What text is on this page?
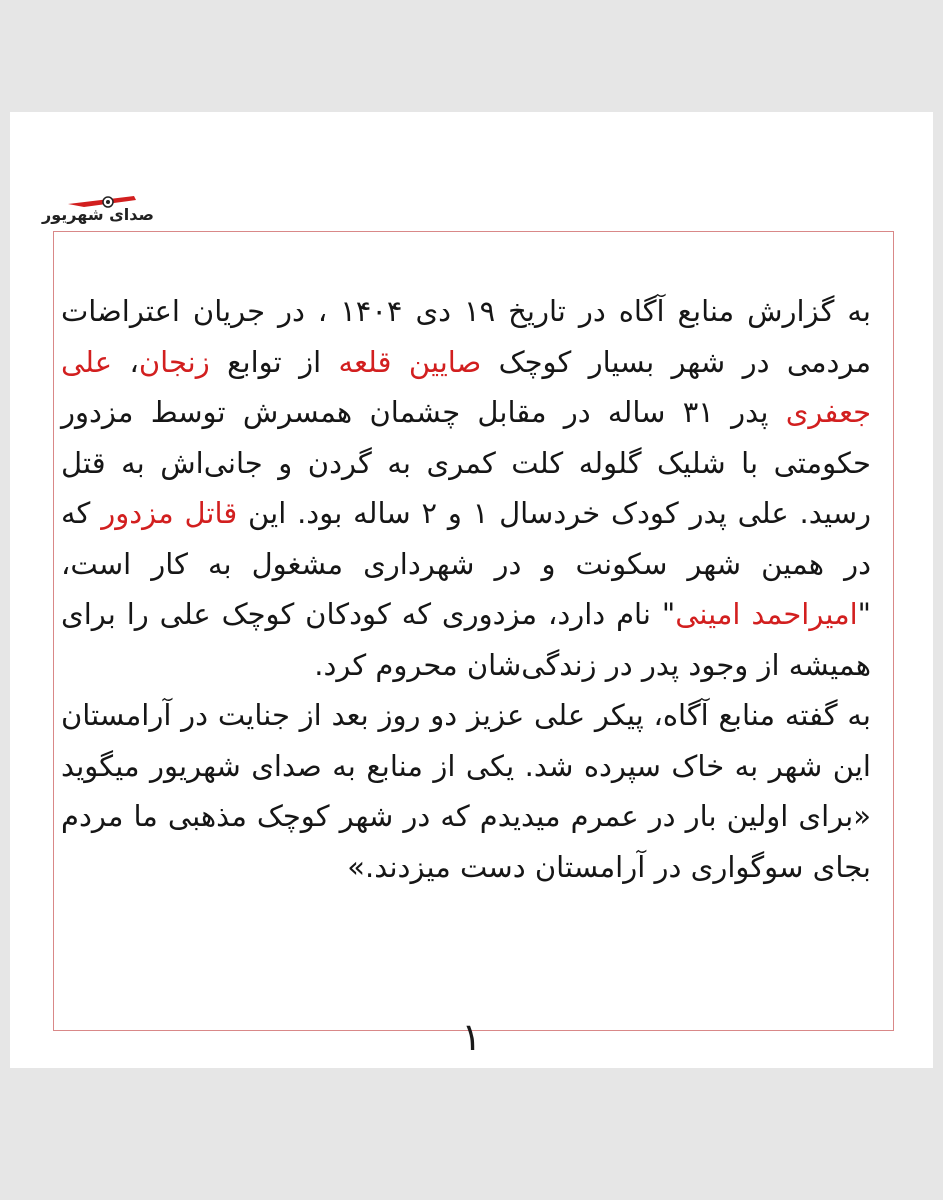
صدای شهریور

به گزارش منابع آگاه در تاریخ ۱۹ دی ۱۴۰۴ ، در جریان اعتراضات مردمی در شهر بسیار کوچک صایین قلعه از توابع زنجان، علی جعفری پدر ۳۱ ساله در مقابل چشمان همسرش توسط مزدور حکومتی با شلیک گلوله کلت کمری به گردن و جانی‌اش به قتل رسید. علی پدر کودک خردسال ۱ و ۲ ساله بود. این قاتل مزدور که در همین شهر سکونت و در شهرداری مشغول به کار است، "امیراحمد امینی" نام دارد، مزدوری که کودکان کوچک علی را برای همیشه از وجود پدر در زندگی‌شان محروم کرد.

به گفته منابع آگاه، پیکر علی عزیز دو روز بعد از جنایت در آرامستان این شهر به خاک سپرده شد. یکی از منابع به صدای شهریور میگوید «برای اولین بار در عمرم میدیدم که در شهر کوچک مذهبی ما مردم بجای سوگواری در آرامستان دست میزدند.»

۱
